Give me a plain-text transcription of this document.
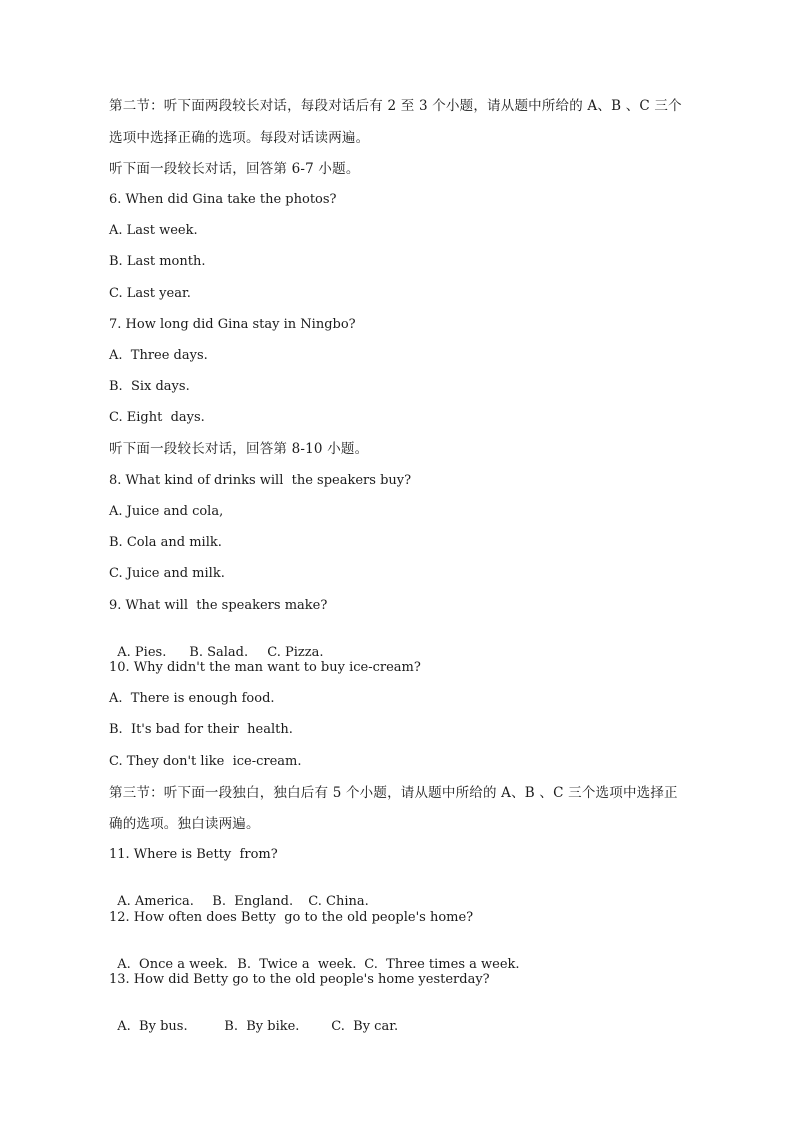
第二节：听下面两段较长对话，每段对话后有 2 至 3 个小题，请从题中所给的 A、B 、C 三个
选项中选择正确的选项。每段对话读两遍。
听下面一段较长对话，回答第 6-7 小题。
6. When did Gina take the photos?
A. Last week.
B. Last month.
C. Last year.
7. How long did Gina stay in Ningbo?
A.  Three days.
B.  Six days.
C. Eight  days.
听下面一段较长对话，回答第 8-10 小题。
8. What kind of drinks will  the speakers buy?
A. Juice and cola,
B. Cola and milk.
C. Juice and milk.
9. What will  the speakers make?

A. Pies. B. Salad. C. Pizza.

10. Why didn't the man want to buy ice-cream?
A.  There is enough food.
B.  It's bad for their  health.
C. They don't like  ice-cream.
第三节：听下面一段独白，独白后有 5 个小题，请从题中所给的 A、B 、C 三个选项中选择正
确的选项。独白读两遍。
11. Where is Betty  from?

A. America. B.  England. C. China.

12. How often does Betty  go to the old people's home?

A.  Once a week. B.  Twice a  week. C.  Three times a week.

13. How did Betty go to the old people's home yesterday?

A.  By bus.	B.  By bike. C.  By car.
